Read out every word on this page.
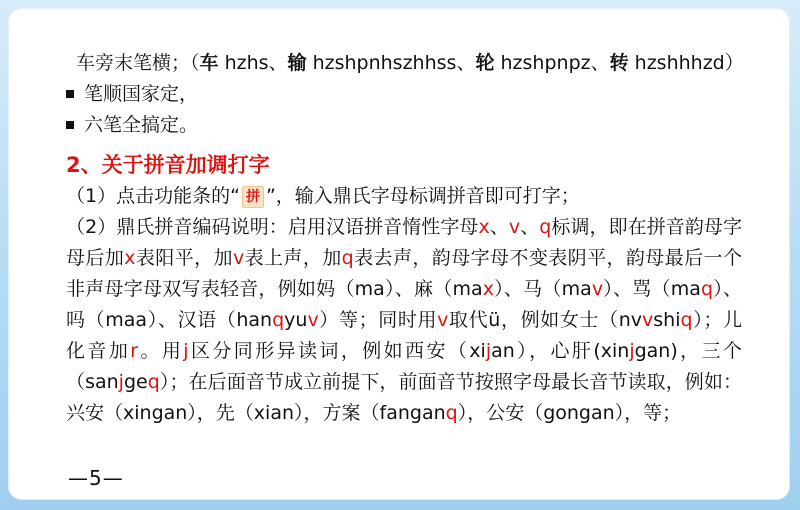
车旁末笔横；（车 hzhs、输 hzshpnhszhhss、轮 hzshpnpz、转 hzshhhzd）
笔顺国家定，
六笔全搞定。
2、关于拼音加调打字
（1）点击功能条的“ 拼 ”，输入鼎氏字母标调拼音即可打字；
（2）鼎氏拼音编码说明：启用汉语拼音惰性字母x、v、q标调，即在拼音韵母字母后加x表阳平，加v表上声，加q表去声，韵母字母不变表阴平，韵母最后一个非声母字母双写表轻音，例如妈（ma）、麻（max）、马（mav）、骂（maq）、吗（maa）、汉语（hanqyuv）等；同时用v取代ü，例如女士（nvvshiq）；儿化音加r。用j区分同形异读词，例如西安（xijan），心肝(xinjgan)，三个（sanjgeq）；在后面音节成立前提下，前面音节按照字母最长音节读取，例如：兴安（xingan），先（xian），方案（fanganq），公安（gongan），等；
—5—
